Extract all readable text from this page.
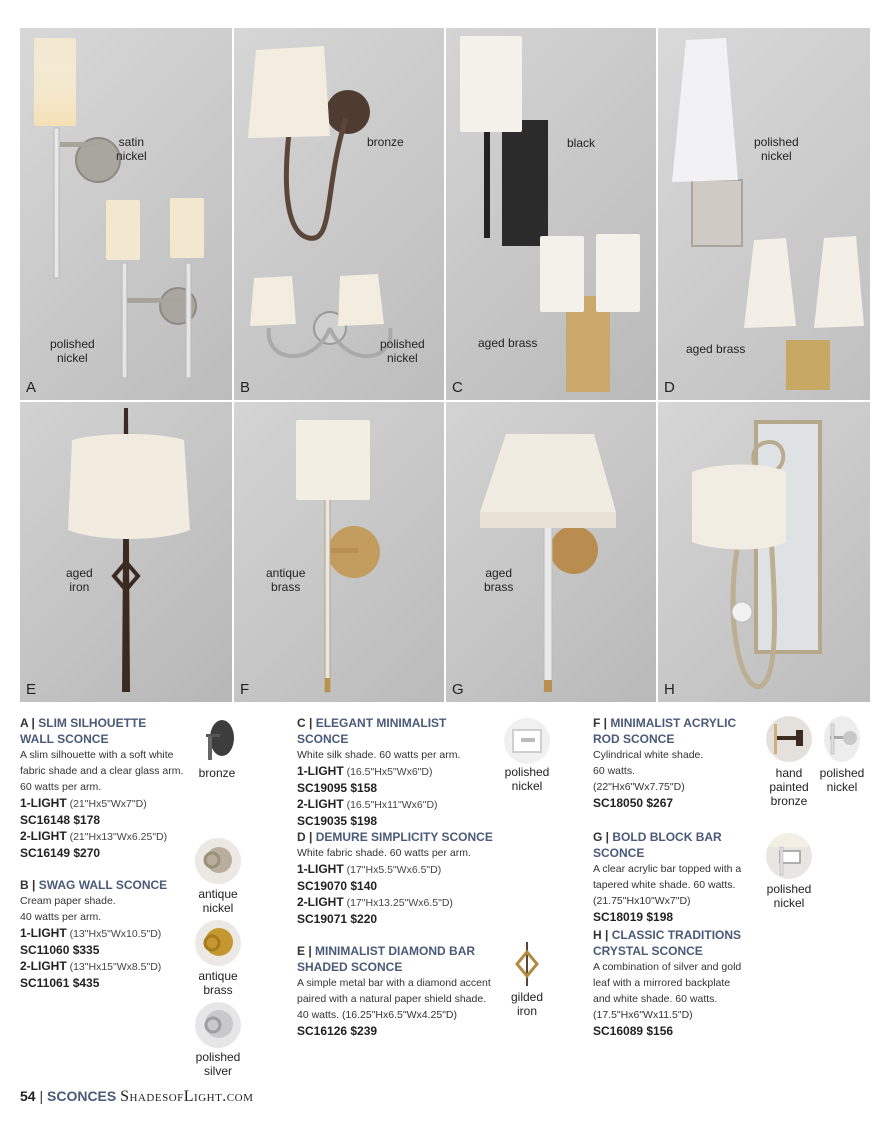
satin
nickel
polished
nickel
A
bronze
polished
nickel
B
black
aged brass
C
polished
nickel
aged brass
D
aged
iron
E
antique
brass
F
aged
brass
G	H
A | SLIM SILHOUETTE
WALL SCONCE
A slim silhouette with a soft white
fabric shade and a clear glass arm.
60 watts per arm.
1-LIGHT (21"Hx5"Wx7"D)
SC16148 $178
2-LIGHT (21"Hx13"Wx6.25"D)
SC16149 $270
B | SWAG WALL SCONCE
Cream paper shade.
40 watts per arm.
1-LIGHT (13"Hx5"Wx10.5"D)
SC11060 $335
2-LIGHT (13"Hx15"Wx8.5"D)
SC11061 $435
C | ELEGANT MINIMALIST SCONCE
White silk shade. 60 watts per arm.
1-LIGHT (16.5"Hx5"Wx6"D)
SC19095 $158
2-LIGHT (16.5"Hx11"Wx6"D)
SC19035 $198
D | DEMURE SIMPLICITY SCONCE
White fabric shade. 60 watts per arm.
1-LIGHT (17"Hx5.5"Wx6.5"D)
SC19070 $140
2-LIGHT (17"Hx13.25"Wx6.5"D)
SC19071 $220
E | MINIMALIST DIAMOND BAR
SHADED SCONCE
A simple metal bar with a diamond accent
paired with a natural paper shield shade.
40 watts. (16.25"Hx6.5"Wx4.25"D)
SC16126 $239
F | MINIMALIST ACRYLIC
ROD SCONCE
Cylindrical white shade.
60 watts.
(22"Hx6"Wx7.75"D)
SC18050 $267
G | BOLD BLOCK BAR SCONCE
A clear acrylic bar topped with a
tapered white shade. 60 watts.
(21.75"Hx10"Wx7"D)
SC18019 $198
H | CLASSIC TRADITIONS
CRYSTAL SCONCE
A combination of silver and gold
leaf with a mirrored backplate
and white shade. 60 watts.
(17.5"Hx6"Wx11.5"D)
SC16089 $156
bronze
antique
nickel
antique
brass
polished
silver
polished
nickel
gilded
iron
hand
painted
bronze
polished
nickel
polished
nickel
54 | SCONCES ShadesofLight.com
